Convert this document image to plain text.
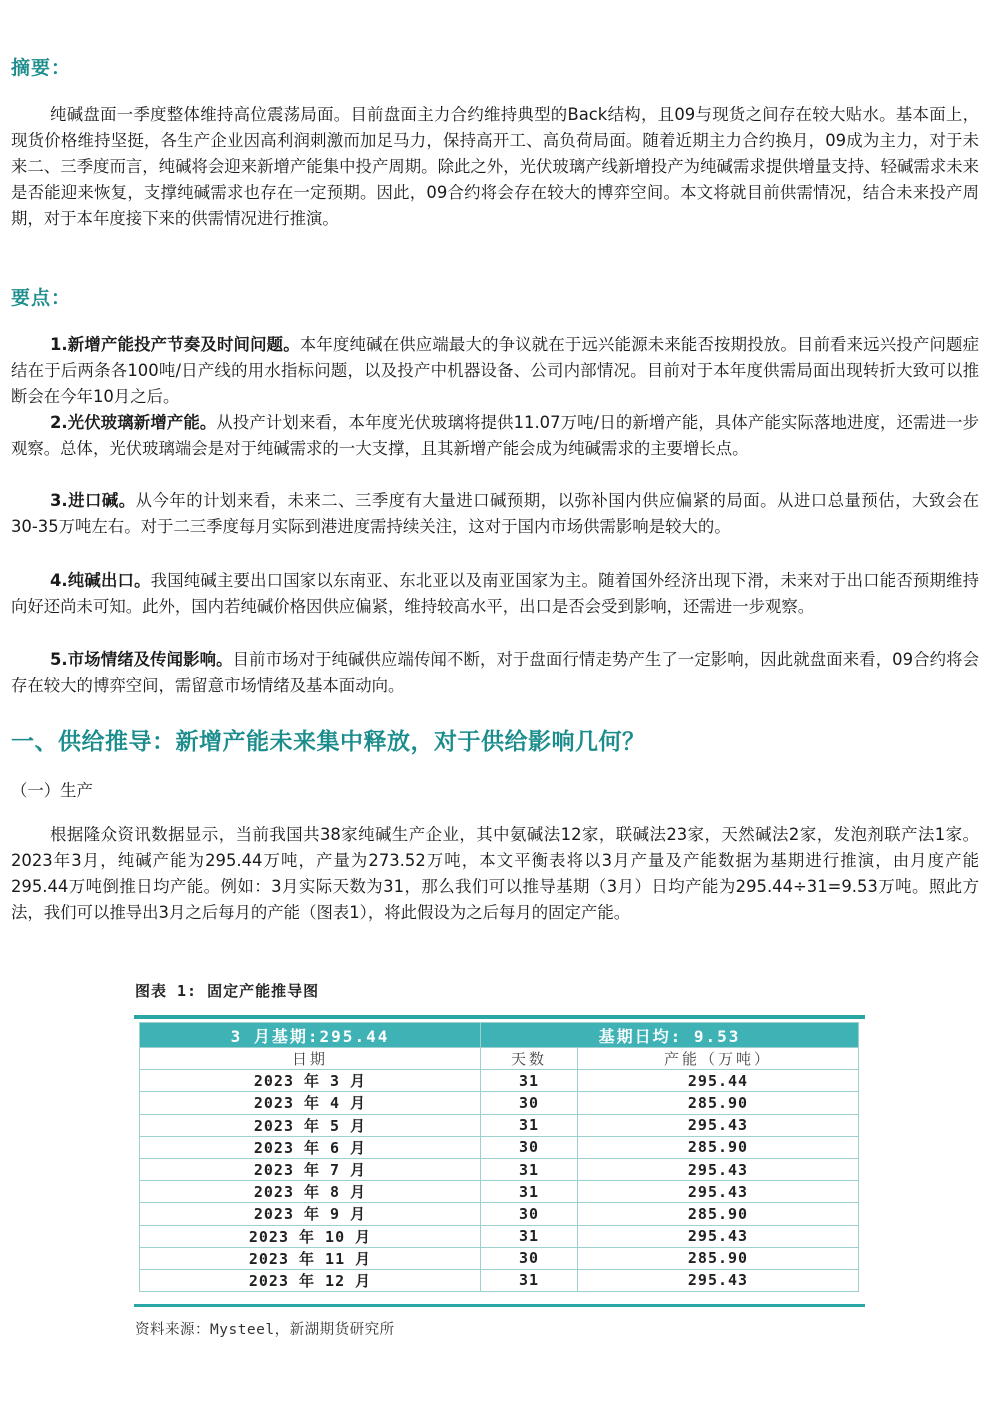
摘要：

纯碱盘面一季度整体维持高位震荡局面。目前盘面主力合约维持典型的Back结构，且09与现货之间存在较大贴水。基本面上，现货价格维持坚挺，各生产企业因高利润刺激而加足马力，保持高开工、高负荷局面。随着近期主力合约换月，09成为主力，对于未来二、三季度而言，纯碱将会迎来新增产能集中投产周期。除此之外，光伏玻璃产线新增投产为纯碱需求提供增量支持、轻碱需求未来是否能迎来恢复，支撑纯碱需求也存在一定预期。因此，09合约将会存在较大的博弈空间。本文将就目前供需情况，结合未来投产周期，对于本年度接下来的供需情况进行推演。

要点：

1.新增产能投产节奏及时间问题。本年度纯碱在供应端最大的争议就在于远兴能源未来能否按期投放。目前看来远兴投产问题症结在于后两条各100吨/日产线的用水指标问题，以及投产中机器设备、公司内部情况。目前对于本年度供需局面出现转折大致可以推断会在今年10月之后。

2.光伏玻璃新增产能。从投产计划来看，本年度光伏玻璃将提供11.07万吨/日的新增产能，具体产能实际落地进度，还需进一步观察。总体，光伏玻璃端会是对于纯碱需求的一大支撑，且其新增产能会成为纯碱需求的主要增长点。

3.进口碱。从今年的计划来看，未来二、三季度有大量进口碱预期，以弥补国内供应偏紧的局面。从进口总量预估，大致会在30-35万吨左右。对于二三季度每月实际到港进度需持续关注，这对于国内市场供需影响是较大的。

4.纯碱出口。我国纯碱主要出口国家以东南亚、东北亚以及南亚国家为主。随着国外经济出现下滑，未来对于出口能否预期维持向好还尚未可知。此外，国内若纯碱价格因供应偏紧，维持较高水平，出口是否会受到影响，还需进一步观察。

5.市场情绪及传闻影响。目前市场对于纯碱供应端传闻不断，对于盘面行情走势产生了一定影响，因此就盘面来看，09合约将会存在较大的博弈空间，需留意市场情绪及基本面动向。

一、供给推导：新增产能未来集中释放，对于供给影响几何？

（一）生产

根据隆众资讯数据显示，当前我国共38家纯碱生产企业，其中氨碱法12家，联碱法23家，天然碱法2家，发泡剂联产法1家。2023年3月，纯碱产能为295.44万吨，产量为273.52万吨，本文平衡表将以3月产量及产能数据为基期进行推演，由月度产能295.44万吨倒推日均产能。例如：3月实际天数为31，那么我们可以推导基期（3月）日均产能为295.44÷31=9.53万吨。照此方法，我们可以推导出3月之后每月的产能（图表1），将此假设为之后每月的固定产能。

图表 1: 固定产能推导图
3 月基期:295.44	基期日均: 9.53	
日期	天数	产能（万吨）
2023 年 3 月	31	295.44
2023 年 4 月	30	285.90
2023 年 5 月	31	295.43
2023 年 6 月	30	285.90
2023 年 7 月	31	295.43
2023 年 8 月	31	295.43
2023 年 9 月	30	285.90
2023 年 10 月	31	295.43
2023 年 11 月	30	285.90
2023 年 12 月	31	295.43
资料来源：Mysteel，新湖期货研究所
